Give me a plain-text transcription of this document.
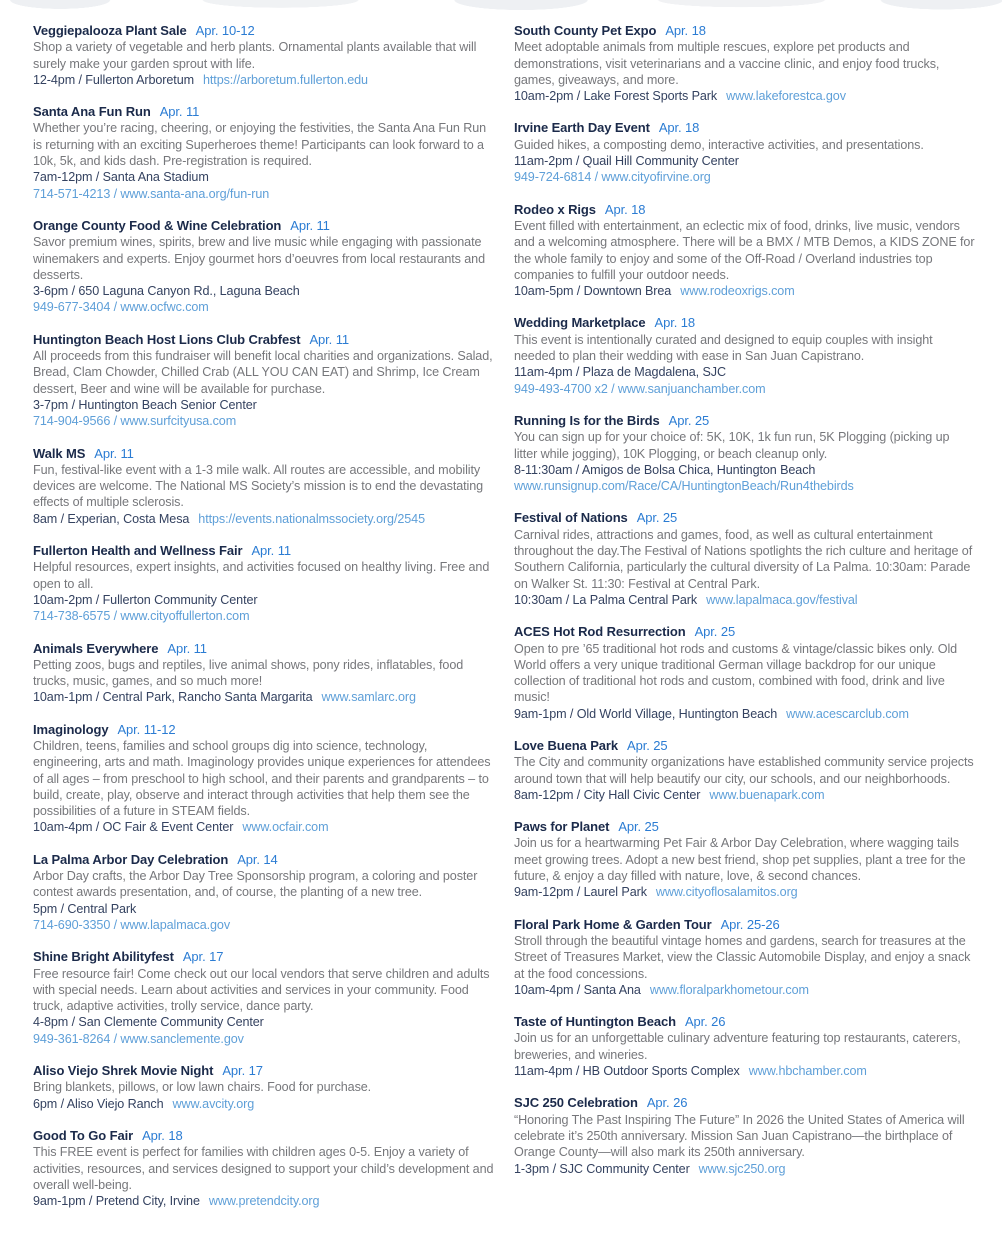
Veggiepalooza Plant Sale Apr. 10-12

Shop a variety of vegetable and herb plants. Ornamental plants available that will surely make your garden sprout with life.

12-4pm / Fullerton Arboretum https://arboretum.fullerton.edu

Santa Ana Fun Run Apr. 11

Whether you’re racing, cheering, or enjoying the festivities, the Santa Ana Fun Run is returning with an exciting Superheroes theme! Participants can look forward to a 10k, 5k, and kids dash. Pre-registration is required.

7am-12pm / Santa Ana Stadium

714-571-4213 / www.santa-ana.org/fun-run

Orange County Food & Wine Celebration Apr. 11

Savor premium wines, spirits, brew and live music while engaging with passionate winemakers and experts. Enjoy gourmet hors d’oeuvres from local restaurants and desserts.

3-6pm / 650 Laguna Canyon Rd., Laguna Beach

949-677-3404 / www.ocfwc.com

Huntington Beach Host Lions Club Crabfest Apr. 11

All proceeds from this fundraiser will benefit local charities and organizations. Salad, Bread, Clam Chowder, Chilled Crab (ALL YOU CAN EAT) and Shrimp, Ice Cream dessert, Beer and wine will be available for purchase.

3-7pm / Huntington Beach Senior Center

714-904-9566 / www.surfcityusa.com

Walk MS Apr. 11

Fun, festival-like event with a 1-3 mile walk. All routes are accessible, and mobility devices are welcome. The National MS Society’s mission is to end the devastating effects of multiple sclerosis.

8am / Experian, Costa Mesa https://events.nationalmssociety.org/2545

Fullerton Health and Wellness Fair Apr. 11

Helpful resources, expert insights, and activities focused on healthy living. Free and open to all.

10am-2pm / Fullerton Community Center

714-738-6575 / www.cityoffullerton.com

Animals Everywhere Apr. 11

Petting zoos, bugs and reptiles, live animal shows, pony rides, inflatables, food trucks, music, games, and so much more!

10am-1pm / Central Park, Rancho Santa Margarita www.samlarc.org

Imaginology Apr. 11-12

Children, teens, families and school groups dig into science, technology, engineering, arts and math. Imaginology provides unique experiences for attendees of all ages – from preschool to high school, and their parents and grandparents – to build, create, play, observe and interact through activities that help them see the possibilities of a future in STEAM fields.

10am-4pm / OC Fair & Event Center www.ocfair.com

La Palma Arbor Day Celebration Apr. 14

Arbor Day crafts, the Arbor Day Tree Sponsorship program, a coloring and poster contest awards presentation, and, of course, the planting of a new tree.

5pm / Central Park

714-690-3350 / www.lapalmaca.gov

Shine Bright Abilityfest Apr. 17

Free resource fair! Come check out our local vendors that serve children and adults with special needs. Learn about activities and services in your community. Food truck, adaptive activities, trolly service, dance party.

4-8pm / San Clemente Community Center

949-361-8264 / www.sanclemente.gov

Aliso Viejo Shrek Movie Night Apr. 17

Bring blankets, pillows, or low lawn chairs. Food for purchase.

6pm / Aliso Viejo Ranch www.avcity.org

Good To Go Fair Apr. 18

This FREE event is perfect for families with children ages 0-5. Enjoy a variety of activities, resources, and services designed to support your child’s development and overall well-being.

9am-1pm / Pretend City, Irvine www.pretendcity.org

South County Pet Expo Apr. 18

Meet adoptable animals from multiple rescues, explore pet products and demonstrations, visit veterinarians and a vaccine clinic, and enjoy food trucks, games, giveaways, and more.

10am-2pm / Lake Forest Sports Park www.lakeforestca.gov

Irvine Earth Day Event Apr. 18

Guided hikes, a composting demo, interactive activities, and presentations.

11am-2pm / Quail Hill Community Center

949-724-6814 / www.cityofirvine.org

Rodeo x Rigs Apr. 18

Event filled with entertainment, an eclectic mix of food, drinks, live music, vendors and a welcoming atmosphere. There will be a BMX / MTB Demos, a KIDS ZONE for the whole family to enjoy and some of the Off-Road / Overland industries top companies to fulfill your outdoor needs.

10am-5pm / Downtown Brea www.rodeoxrigs.com

Wedding Marketplace Apr. 18

This event is intentionally curated and designed to equip couples with insight needed to plan their wedding with ease in San Juan Capistrano.

11am-4pm / Plaza de Magdalena, SJC

949-493-4700 x2 / www.sanjuanchamber.com

Running Is for the Birds Apr. 25

You can sign up for your choice of: 5K, 10K, 1k fun run, 5K Plogging (picking up litter while jogging), 10K Plogging, or beach cleanup only.

8-11:30am / Amigos de Bolsa Chica, Huntington Beach

www.runsignup.com/Race/CA/HuntingtonBeach/Run4thebirds

Festival of Nations Apr. 25

Carnival rides, attractions and games, food, as well as cultural entertainment throughout the day.The Festival of Nations spotlights the rich culture and heritage of Southern California, particularly the cultural diversity of La Palma. 10:30am: Parade on Walker St. 11:30: Festival at Central Park.

10:30am / La Palma Central Park www.lapalmaca.gov/festival

ACES Hot Rod Resurrection Apr. 25

Open to pre ’65 traditional hot rods and customs & vintage/classic bikes only. Old World offers a very unique traditional German village backdrop for our unique collection of traditional hot rods and custom, combined with food, drink and live music!

9am-1pm / Old World Village, Huntington Beach www.acescarclub.com

Love Buena Park Apr. 25

The City and community organizations have established community service projects around town that will help beautify our city, our schools, and our neighborhoods.

8am-12pm / City Hall Civic Center www.buenapark.com

Paws for Planet Apr. 25

Join us for a heartwarming Pet Fair & Arbor Day Celebration, where wagging tails meet growing trees. Adopt a new best friend, shop pet supplies, plant a tree for the future, & enjoy a day filled with nature, love, & second chances.

9am-12pm / Laurel Park www.cityoflosalamitos.org

Floral Park Home & Garden Tour Apr. 25-26

Stroll through the beautiful vintage homes and gardens, search for treasures at the Street of Treasures Market, view the Classic Automobile Display, and enjoy a snack at the food concessions.

10am-4pm / Santa Ana www.floralparkhometour.com

Taste of Huntington Beach Apr. 26

Join us for an unforgettable culinary adventure featuring top restaurants, caterers, breweries, and wineries.

11am-4pm / HB Outdoor Sports Complex www.hbchamber.com

SJC 250 Celebration Apr. 26

“Honoring The Past Inspiring The Future” In 2026 the United States of America will celebrate it’s 250th anniversary. Mission San Juan Capistrano—the birthplace of Orange County—will also mark its 250th anniversary.

1-3pm / SJC Community Center www.sjc250.org
